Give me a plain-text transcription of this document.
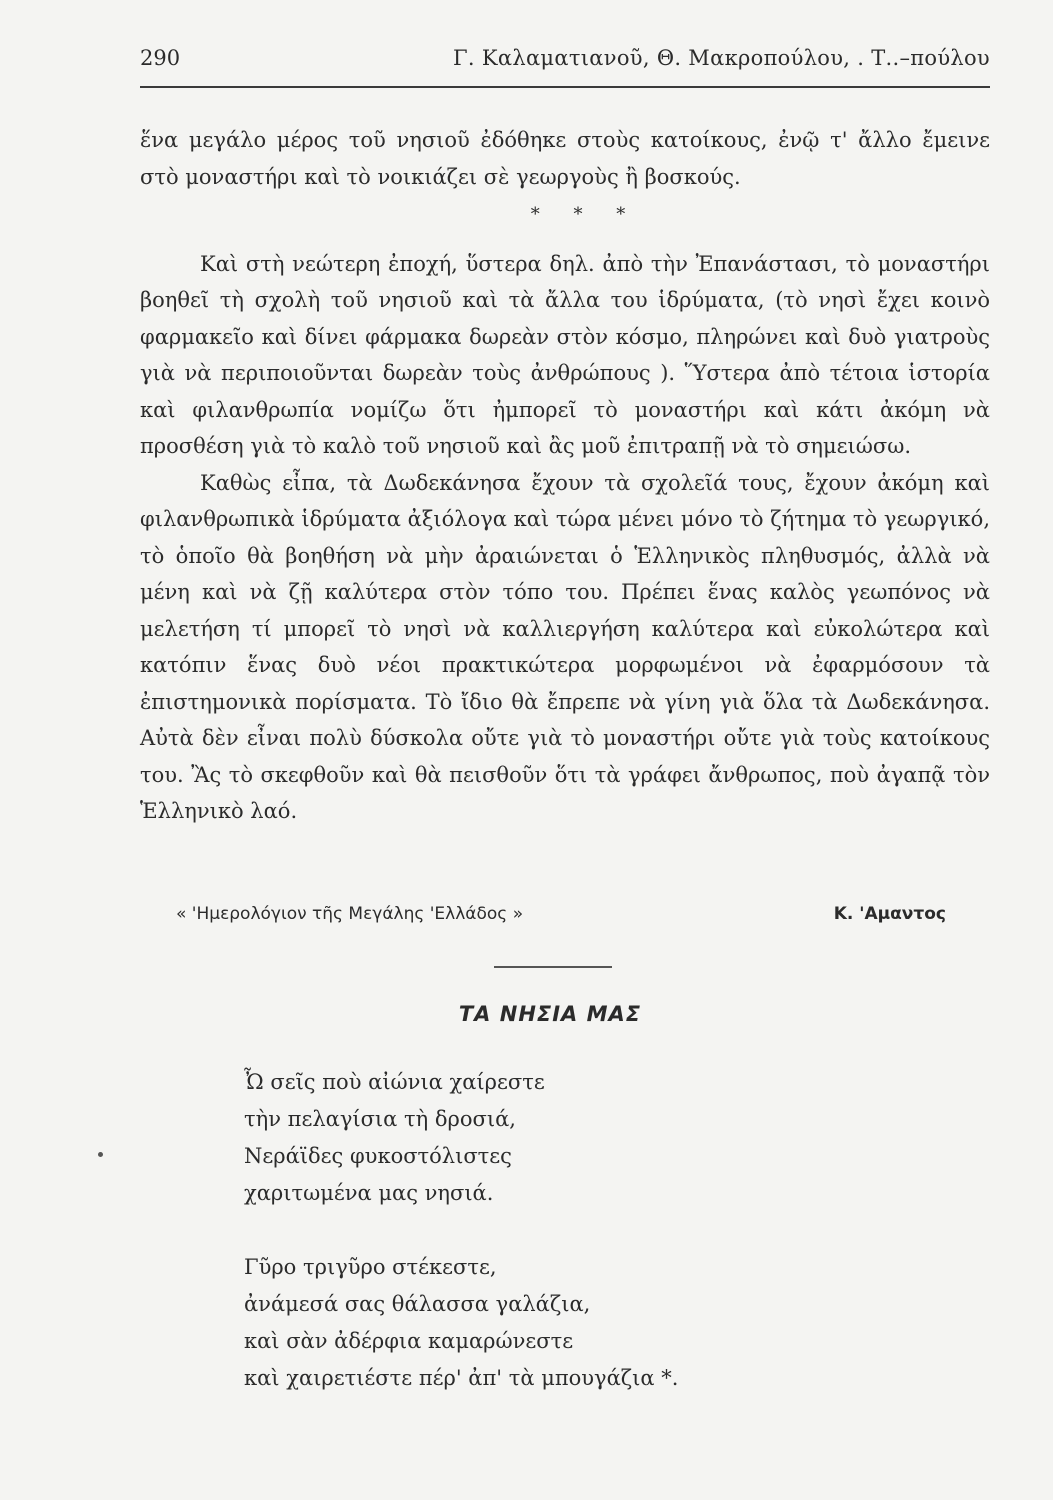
290	Γ. Καλαματιανοῦ, Θ. Μακροπούλου, . Τ..–πούλου

ἕνα μεγάλο μέρος τοῦ νησιοῦ ἐδόθηκε στοὺς κατοίκους, ἐνῷ τ' ἄλλο ἔμεινε στὸ μοναστήρι καὶ τὸ νοικιάζει σὲ γεωργοὺς ἢ βοσκούς.

* * *

Καὶ στὴ νεώτερη ἐποχή, ὕστερα δηλ. ἀπὸ τὴν Ἐπανάστασι, τὸ μοναστήρι βοηθεῖ τὴ σχολὴ τοῦ νησιοῦ καὶ τὰ ἄλλα του ἱδρύματα, (τὸ νησὶ ἔχει κοινὸ φαρμακεῖο καὶ δίνει φάρμακα δωρεὰν στὸν κόσμο, πληρώνει καὶ δυὸ γιατροὺς γιὰ νὰ περιποιοῦνται δωρεὰν τοὺς ἀνθρώπους ). Ὕστερα ἀπὸ τέτοια ἱστορία καὶ φιλανθρωπία νομίζω ὅτι ἠμπορεῖ τὸ μοναστήρι καὶ κάτι ἀκόμη νὰ προσθέση γιὰ τὸ καλὸ τοῦ νησιοῦ καὶ ἂς μοῦ ἐπιτραπῇ νὰ τὸ σημειώσω.

Καθὼς εἶπα, τὰ Δωδεκάνησα ἔχουν τὰ σχολεῖά τους, ἔχουν ἀκόμη καὶ φιλανθρωπικὰ ἱδρύματα ἀξιόλογα καὶ τώρα μένει μόνο τὸ ζήτημα τὸ γεωργικό, τὸ ὁποῖο θὰ βοηθήση νὰ μὴν ἀραιώνεται ὁ Ἑλληνικὸς πληθυσμός, ἀλλὰ νὰ μένη καὶ νὰ ζῇ καλύτερα στὸν τόπο του. Πρέπει ἕνας καλὸς γεωπόνος νὰ μελετήση τί μπορεῖ τὸ νησὶ νὰ καλλιεργήση καλύτερα καὶ εὐκολώτερα καὶ κατόπιν ἕνας δυὸ νέοι πρακτικώτερα μορφωμένοι νὰ ἐφαρμόσουν τὰ ἐπιστημονικὰ πορίσματα. Τὸ ἴδιο θὰ ἔπρεπε νὰ γίνη γιὰ ὅλα τὰ Δωδεκάνησα. Αὐτὰ δὲν εἶναι πολὺ δύσκολα οὔτε γιὰ τὸ μοναστήρι οὔτε γιὰ τοὺς κατοίκους του. Ἂς τὸ σκεφθοῦν καὶ θὰ πεισθοῦν ὅτι τὰ γράφει ἄνθρωπος, ποὺ ἀγαπᾷ τὸν Ἑλληνικὸ λαό.

« 'Ημερολόγιον τῆς Μεγάλης 'Ελλάδος »	Κ. 'Αμαντος
ΤΑ ΝΗΣΙΑ ΜΑΣ
Ὦ σεῖς ποὺ αἰώνια χαίρεστε
τὴν πελαγίσια τὴ δροσιά,
Νεράϊδες φυκοστόλιστες
χαριτωμένα μας νησιά.
Γῦρο τριγῦρο στέκεστε,
ἀνάμεσά σας θάλασσα γαλάζια,
καὶ σὰν ἀδέρφια καμαρώνεστε
καὶ χαιρετιέστε πέρ' ἀπ' τὰ μπουγάζια *.
